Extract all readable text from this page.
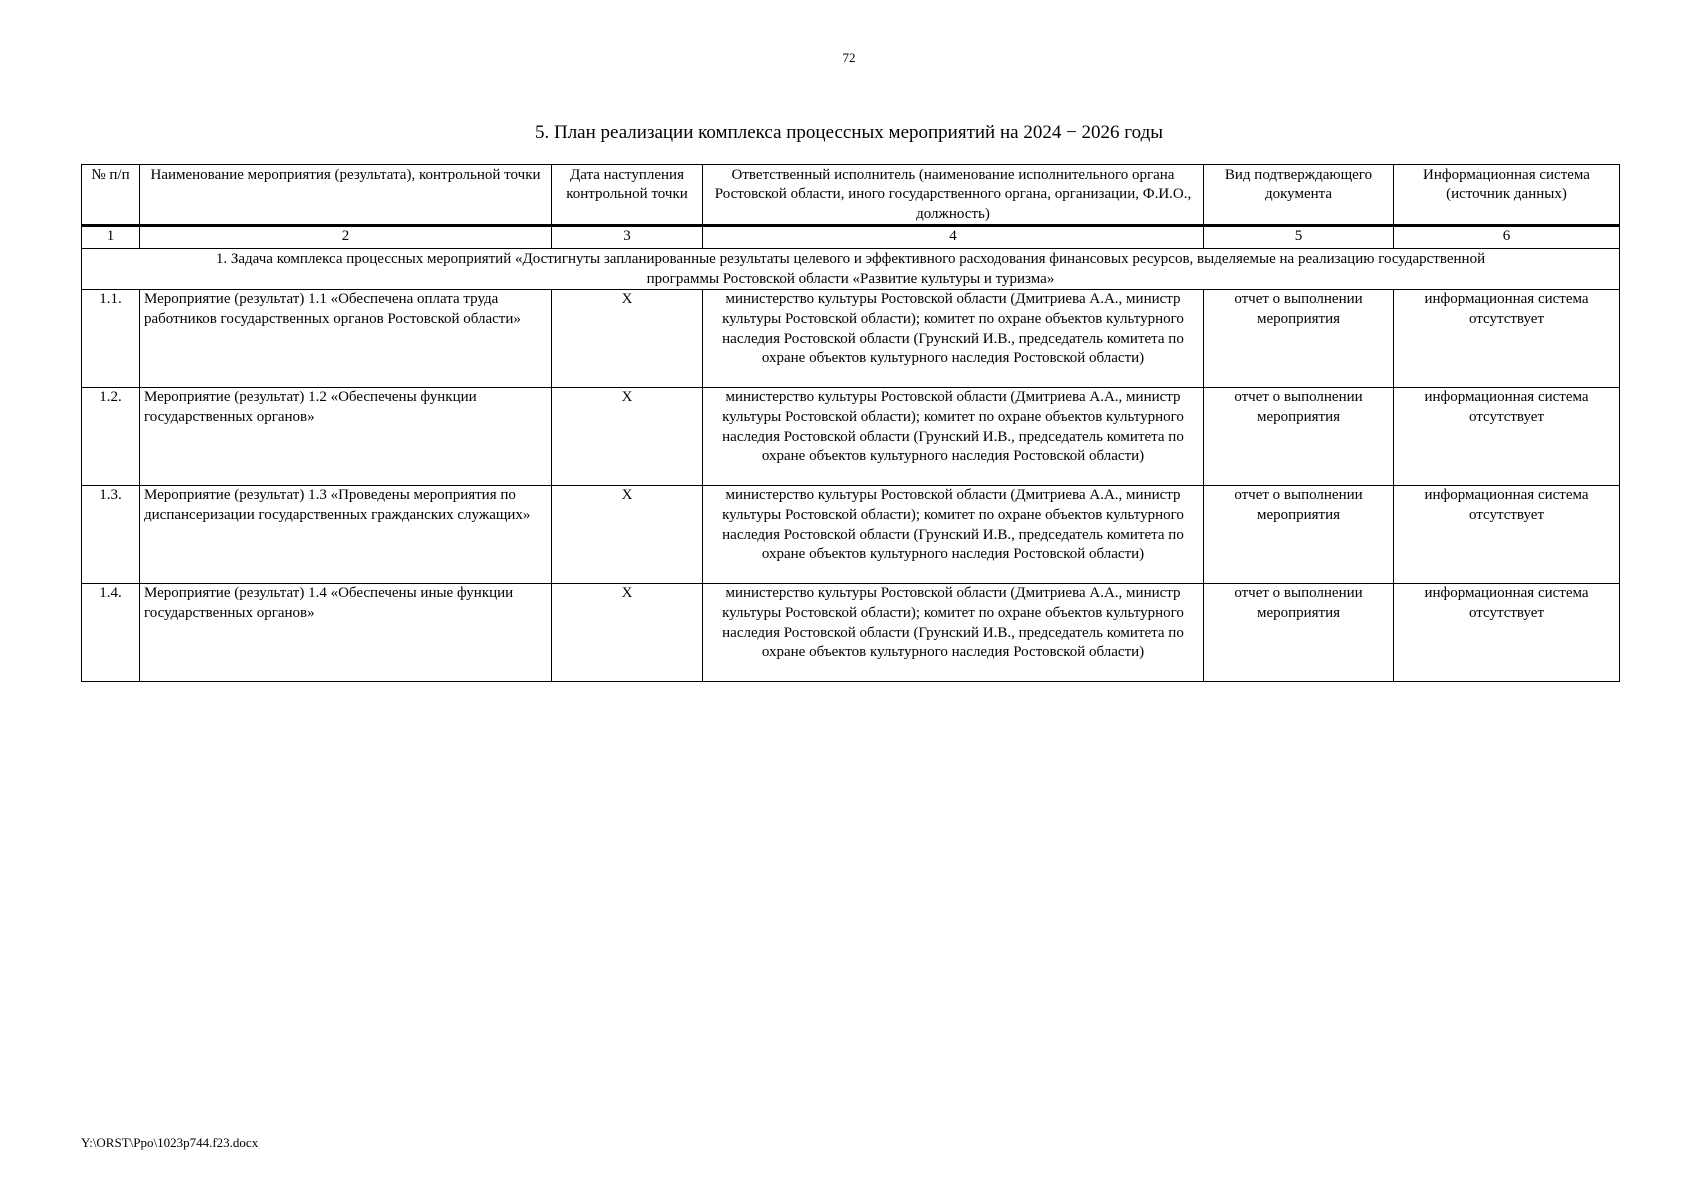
72
5. План реализации комплекса процессных мероприятий на 2024 − 2026 годы
№ п/п	Наименование мероприятия (результата), контрольной точки	Дата наступления контрольной точки	Ответственный исполнитель (наименование исполнительного органа Ростовской области, иного государственного органа, организации, Ф.И.О., должность)	Вид подтверждающего документа	Информационная система (источник данных)
1	2	3	4	5	6
1. Задача комплекса процессных мероприятий «Достигнуты запланированные результаты целевого и эффективного расходования финансовых ресурсов, выделяемые на реализацию государственной программы Ростовской области «Развитие культуры и туризма»					
1.1.	Мероприятие (результат) 1.1 «Обеспечена оплата труда работников государственных органов Ростовской области»	Х	министерство культуры Ростовской области (Дмитриева А.А., министр культуры Ростовской области); комитет по охране объектов культурного наследия Ростовской области (Грунский И.В., председатель комитета по охране объектов культурного наследия Ростовской области)	отчет о выполнении мероприятия	информационная система отсутствует
1.2.	Мероприятие (результат) 1.2 «Обеспечены функции государственных органов»	Х	министерство культуры Ростовской области (Дмитриева А.А., министр культуры Ростовской области); комитет по охране объектов культурного наследия Ростовской области (Грунский И.В., председатель комитета по охране объектов культурного наследия Ростовской области)	отчет о выполнении мероприятия	информационная система отсутствует
1.3.	Мероприятие (результат) 1.3 «Проведены мероприятия по диспансеризации государственных гражданских служащих»	Х	министерство культуры Ростовской области (Дмитриева А.А., министр культуры Ростовской области); комитет по охране объектов культурного наследия Ростовской области (Грунский И.В., председатель комитета по охране объектов культурного наследия Ростовской области)	отчет о выполнении мероприятия	информационная система отсутствует
1.4.	Мероприятие (результат) 1.4 «Обеспечены иные функции государственных органов»	Х	министерство культуры Ростовской области (Дмитриева А.А., министр культуры Ростовской области); комитет по охране объектов культурного наследия Ростовской области (Грунский И.В., председатель комитета по охране объектов культурного наследия Ростовской области)	отчет о выполнении мероприятия	информационная система отсутствует
Y:\ORST\Ppo\1023p744.f23.docx
